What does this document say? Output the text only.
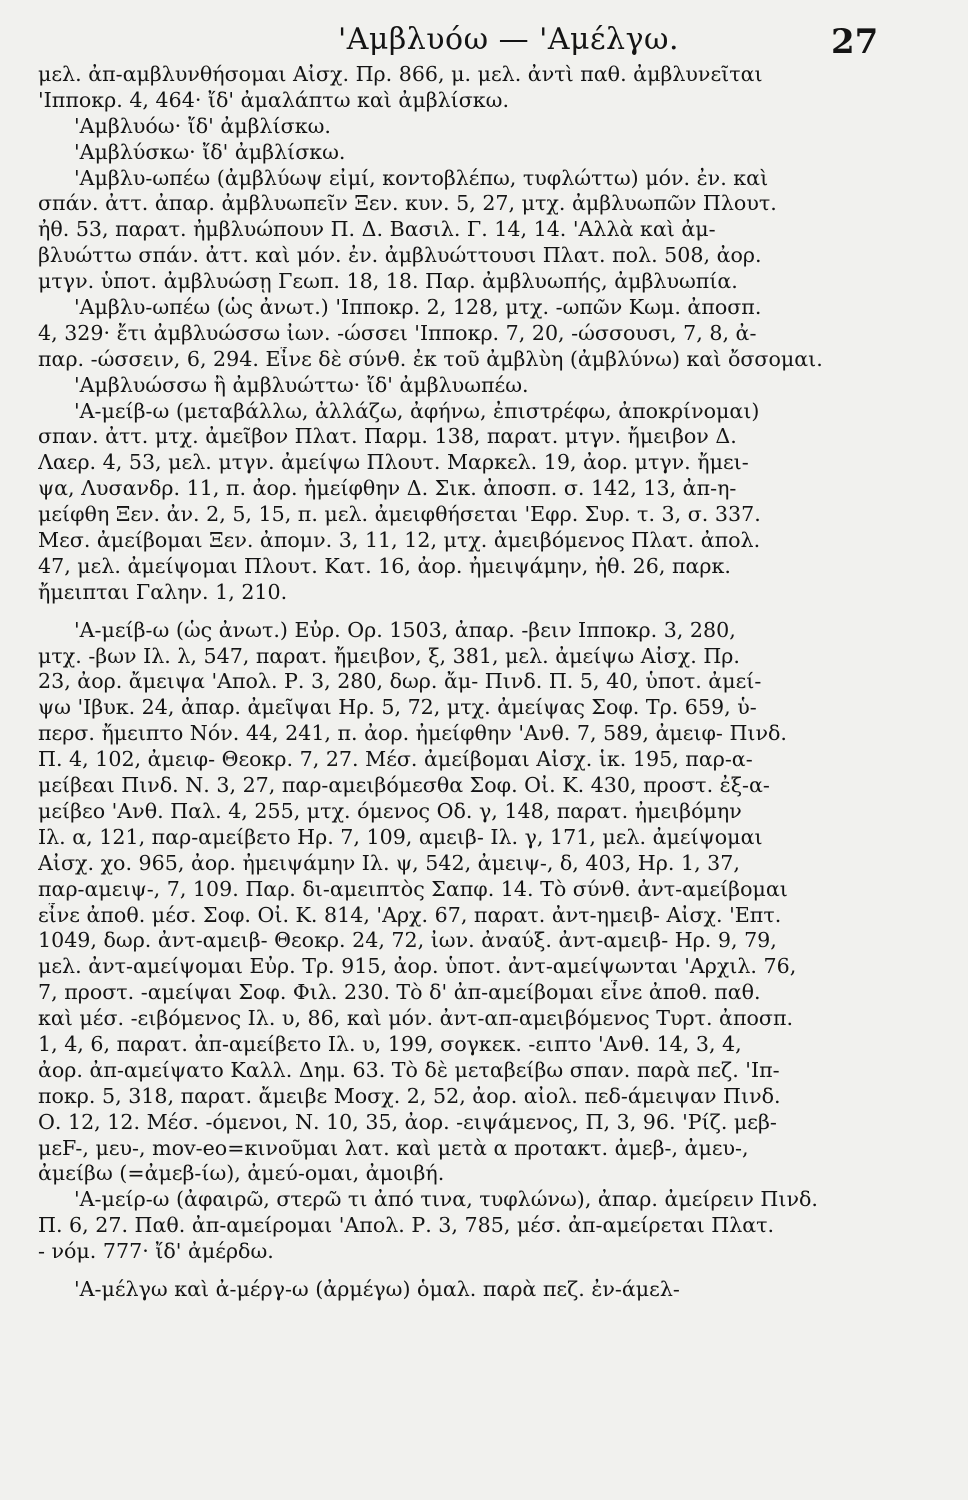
'Αμβλυόω — 'Αμέλγω.	27
μελ. ἀπ-αμβλυνθήσομαι Αἰσχ. Πρ. 866, μ. μελ. ἀντὶ παθ. ἀμβλυνεῖται
'Ιπποκρ. 4, 464· ἴδ' ἀμαλάπτω καὶ ἀμβλίσκω.
'Αμβλυόω· ἴδ' ἀμβλίσκω.
'Αμβλύσκω· ἴδ' ἀμβλίσκω.
'Αμβλυ-ωπέω (ἀμβλύωψ εἰμί, κοντοβλέπω, τυφλώττω) μόν. ἐν. καὶ
σπάν. ἀττ. ἀπαρ. ἀμβλυωπεῖν Ξεν. κυν. 5, 27, μτχ. ἀμβλυωπῶν Πλουτ.
ἠθ. 53, παρατ. ἠμβλυώπουν Π. Δ. Βασιλ. Γ. 14, 14. 'Αλλὰ καὶ ἀμ-
βλυώττω σπάν. ἀττ. καὶ μόν. ἐν. ἀμβλυώττουσι Πλατ. πολ. 508, ἀορ.
μτγν. ὑποτ. ἀμβλυώσῃ Γεωπ. 18, 18. Παρ. ἀμβλυωπής, ἀμβλυωπία.
'Αμβλυ-ωπέω (ὡς ἀνωτ.) 'Ιπποκρ. 2, 128, μτχ. -ωπῶν Κωμ. ἀποσπ.
4, 329· ἔτι ἀμβλυώσσω ἰων. -ώσσει 'Ιπποκρ. 7, 20, -ώσσουσι, 7, 8, ἀ-
παρ. -ώσσειν, 6, 294. Εἶνε δὲ σύνθ. ἐκ τοῦ ἀμβλὺη (ἀμβλύνω) καὶ ὄσσομαι.
'Αμβλυώσσω ἢ ἀμβλυώττω· ἴδ' ἀμβλυωπέω.
'Α-μείβ-ω (μεταβάλλω, ἀλλάζω, ἀφήνω, ἐπιστρέφω, ἀποκρίνομαι)
σπαν. ἀττ. μτχ. ἀμεῖβον Πλατ. Παρμ. 138, παρατ. μτγν. ἤμειβον Δ.
Λαερ. 4, 53, μελ. μτγν. ἀμείψω Πλουτ. Μαρκελ. 19, ἀορ. μτγν. ἤμει-
ψα, Λυσανδρ. 11, π. ἀορ. ἠμείφθην Δ. Σικ. ἀποσπ. σ. 142, 13, ἀπ-η-
μείφθη Ξεν. ἀν. 2, 5, 15, π. μελ. ἀμειφθήσεται 'Εφρ. Συρ. τ. 3, σ. 337.
Μεσ. ἀμείβομαι Ξεν. ἀπομν. 3, 11, 12, μτχ. ἀμειβόμενος Πλατ. ἀπολ.
47, μελ. ἀμείψομαι Πλουτ. Κατ. 16, ἀορ. ἠμειψάμην, ἠθ. 26, παρκ.
ἤμειπται Γαλην. 1, 210.
'Α-μείβ-ω (ὡς ἀνωτ.) Εὐρ. Ορ. 1503, ἀπαρ. -βειν Ιπποκρ. 3, 280,
μτχ. -βων Ιλ. λ, 547, παρατ. ἤμειβον, ξ, 381, μελ. ἀμείψω Αἰσχ. Πρ.
23, ἀορ. ἄμειψα 'Απολ. Ρ. 3, 280, δωρ. ἄμ- Πινδ. Π. 5, 40, ὑποτ. ἀμεί-
ψω 'Ιβυκ. 24, ἀπαρ. ἀμεῖψαι Ηρ. 5, 72, μτχ. ἀμείψας Σοφ. Τρ. 659, ὑ-
περσ. ἤμειπτο Νόν. 44, 241, π. ἀορ. ἠμείφθην 'Ανθ. 7, 589, ἀμειφ- Πινδ.
Π. 4, 102, ἀμειφ- Θεοκρ. 7, 27. Μέσ. ἀμείβομαι Αἰσχ. ἱκ. 195, παρ-α-
μείβεαι Πινδ. Ν. 3, 27, παρ-αμειβόμεσθα Σοφ. Οἰ. Κ. 430, προστ. ἐξ-α-
μείβεο 'Ανθ. Παλ. 4, 255, μτχ. όμενος Οδ. γ, 148, παρατ. ἠμειβόμην
Ιλ. α, 121, παρ-αμείβετο Ηρ. 7, 109, αμειβ- Ιλ. γ, 171, μελ. ἀμείψομαι
Αἰσχ. χο. 965, ἀορ. ἠμειψάμην Ιλ. ψ, 542, ἀμειψ-, δ, 403, Ηρ. 1, 37,
παρ-αμειψ-, 7, 109. Παρ. δι-αμειπτὸς Σαπφ. 14. Τὸ σύνθ. ἀντ-αμείβομαι
εἶνε ἀποθ. μέσ. Σοφ. Οἰ. Κ. 814, 'Αρχ. 67, παρατ. ἀντ-ημειβ- Αἰσχ. 'Επτ.
1049, δωρ. ἀντ-αμειβ- Θεοκρ. 24, 72, ἰων. ἀναύξ. ἀντ-αμειβ- Ηρ. 9, 79,
μελ. ἀντ-αμείψομαι Εὐρ. Τρ. 915, ἀορ. ὑποτ. ἀντ-αμείψωνται 'Αρχιλ. 76,
7, προστ. -αμείψαι Σοφ. Φιλ. 230. Τὸ δ' ἀπ-αμείβομαι εἶνε ἀποθ. παθ.
καὶ μέσ. -ειβόμενος Ιλ. υ, 86, καὶ μόν. ἀντ-απ-αμειβόμενος Τυρτ. ἀποσπ.
1, 4, 6, παρατ. ἀπ-αμείβετο Ιλ. υ, 199, σογκεκ. -ειπτο 'Ανθ. 14, 3, 4,
ἀορ. ἀπ-αμείψατο Καλλ. Δημ. 63. Τὸ δὲ μεταβείβω σπαν. παρὰ πεζ. 'Ιπ-
ποκρ. 5, 318, παρατ. ἄμειβε Μοσχ. 2, 52, ἀορ. αἰολ. πεδ-άμειψαν Πινδ.
Ο. 12, 12. Μέσ. -όμενοι, Ν. 10, 35, ἀορ. -ειψάμενος, Π, 3, 96. 'Ρίζ. μεβ-
μεF-, μευ-, mov-eo=κινοῦμαι λατ. καὶ μετὰ α προτακτ. ἀμεβ-, ἀμευ-,
ἀμείβω (=ἀμεβ-ίω), ἀμεύ-ομαι, ἀμοιβή.
'Α-μείρ-ω (ἀφαιρῶ, στερῶ τι ἀπό τινα, τυφλώνω), ἀπαρ. ἀμείρειν Πινδ.
Π. 6, 27. Παθ. ἀπ-αμείρομαι 'Απολ. Ρ. 3, 785, μέσ. ἀπ-αμείρεται Πλατ.
- νόμ. 777· ἴδ' ἀμέρδω.
'Α-μέλγω καὶ ἀ-μέργ-ω (ἀρμέγω) ὁμαλ. παρὰ πεζ. ἐν-άμελ-
